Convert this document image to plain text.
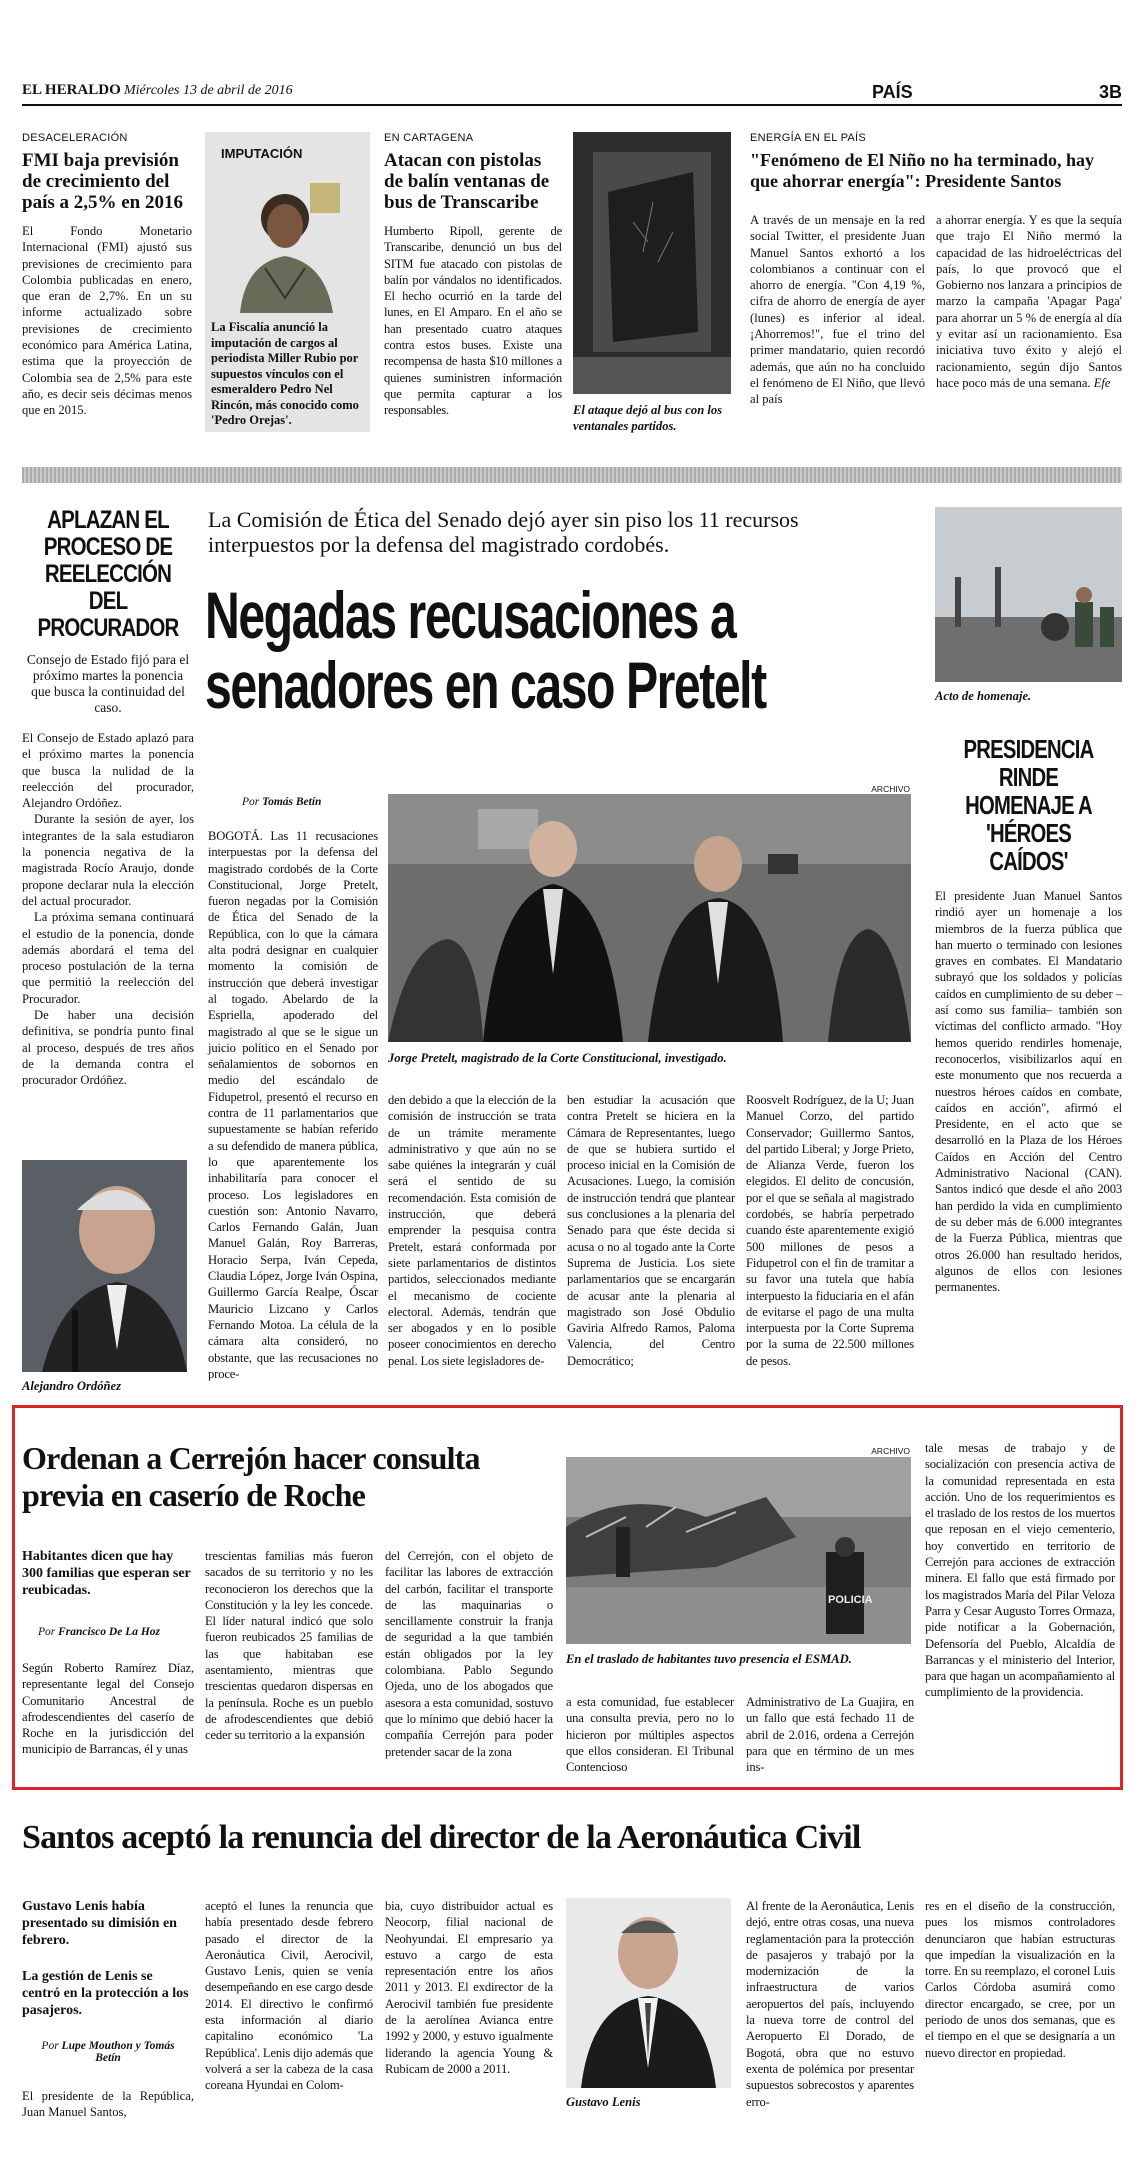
EL HERALDO Miércoles 13 de abril de 2016	PAÍS	3B
DESACELERACIÓN
FMI baja previsión de crecimiento del país a 2,5% en 2016

El Fondo Monetario Internacional (FMI) ajustó sus previsiones de crecimiento para Colombia publicadas en enero, que eran de 2,7%. En un su informe actualizado sobre previsiones de crecimiento económico para América Latina, estima que la proyección de Colombia sea de 2,5% para este año, es decir seis décimas menos que en 2015.

IMPUTACIÓN
La Fiscalía anunció la imputación de cargos al periodista Miller Rubio por supuestos vínculos con el esmeraldero Pedro Nel Rincón, más conocido como 'Pedro Orejas'.
EN CARTAGENA
Atacan con pistolas de balín ventanas de bus de Transcaribe

Humberto Ripoll, gerente de Transcaribe, denunció un bus del SITM fue atacado con pistolas de balín por vándalos no identificados. El hecho ocurrió en la tarde del lunes, en El Amparo. En el año se han presentado cuatro ataques contra estos buses. Existe una recompensa de hasta $10 millones a quienes suministren información que permita capturar a los responsables.	El ataque dejó al bus con los ventanales partidos.
ENERGÍA EN EL PAÍS
"Fenómeno de El Niño no ha terminado, hay que ahorrar energía": Presidente Santos

A través de un mensaje en la red social Twitter, el presidente Juan Manuel Santos exhortó a los colombianos a continuar con el ahorro de energía. "Con 4,19 %, cifra de ahorro de energía de ayer (lunes) es inferior al ideal. ¡Ahorremos!", fue el trino del primer mandatario, quien recordó además, que aún no ha concluido el fenómeno de El Niño, que llevó al país

a ahorrar energía. Y es que la sequía que trajo El Niño mermó la capacidad de las hidroeléctricas del país, lo que provocó que el Gobierno nos lanzara a principios de marzo la campaña 'Apagar Paga' para ahorrar un 5 % de energía al día y evitar así un racionamiento. Esa iniciativa tuvo éxito y alejó el racionamiento, según dijo Santos hace poco más de una semana. Efe

APLAZAN EL PROCESO DE REELECCIÓN DEL PROCURADOR
Consejo de Estado fijó para el próximo martes la ponencia que busca la continuidad del caso.

El Consejo de Estado aplazó para el próximo martes la ponencia que busca la nulidad de la reelección del procurador, Alejandro Ordóñez.

Durante la sesión de ayer, los integrantes de la sala estudiaron la ponencia negativa de la magistrada Rocío Araujo, donde propone declarar nula la elección del actual procurador.

La próxima semana continuará el estudio de la ponencia, donde además abordará el tema del proceso postulación de la terna que permitió la reelección del Procurador.

De haber una decisión definitiva, se pondría punto final al proceso, después de tres años de la demanda contra el procurador Ordóñez.

Alejandro Ordóñez
La Comisión de Ética del Senado dejó ayer sin piso los 11 recursos interpuestos por la defensa del magistrado cordobés.
Negadas recusaciones a senadores en caso Pretelt
Por Tomás Betín
ARCHIVO

BOGOTÁ. Las 11 recusaciones interpuestas por la defensa del magistrado cordobés de la Corte Constitucional, Jorge Pretelt, fueron negadas por la Comisión de Ética del Senado de la República, con lo que la cámara alta podrá designar en cualquier momento la comisión de instrucción que deberá investigar al togado. Abelardo de la Espriella, apoderado del magistrado al que se le sigue un juicio político en el Senado por señalamientos de sobornos en medio del escándalo de Fidupetrol, presentó el recurso en contra de 11 parlamentarios que supuestamente se habían referido a su defendido de manera pública, lo que aparentemente los inhabilitaría para conocer el proceso. Los legisladores en cuestión son: Antonio Navarro, Carlos Fernando Galán, Juan Manuel Galán, Roy Barreras, Horacio Serpa, Iván Cepeda, Claudia López, Jorge Iván Ospina, Guillermo García Realpe, Óscar Mauricio Lizcano y Carlos Fernando Motoa. La célula de la cámara alta consideró, no obstante, que las recusaciones no proce-

Jorge Pretelt, magistrado de la Corte Constitucional, investigado.

den debido a que la elección de la comisión de instrucción se trata de un trámite meramente administrativo y que aún no se sabe quiénes la integrarán y cuál será el sentido de su recomendación. Esta comisión de instrucción, que deberá emprender la pesquisa contra Pretelt, estará conformada por siete parlamentarios de distintos partidos, seleccionados mediante el mecanismo de cociente electoral. Además, tendrán que ser abogados y en lo posible poseer conocimientos en derecho penal. Los siete legisladores de-

ben estudiar la acusación que contra Pretelt se hiciera en la Cámara de Representantes, luego de que se hubiera surtido el proceso inicial en la Comisión de Acusaciones. Luego, la comisión de instrucción tendrá que plantear sus conclusiones a la plenaria del Senado para que éste decida si acusa o no al togado ante la Corte Suprema de Justicia. Los siete parlamentarios que se encargarán de acusar ante la plenaria al magistrado son José Obdulio Gaviria Alfredo Ramos, Paloma Valencia, del Centro Democrático;

Roosvelt Rodríguez, de la U; Juan Manuel Corzo, del partido Conservador; Guillermo Santos, del partido Liberal; y Jorge Prieto, de Alianza Verde, fueron los elegidos. El delito de concusión, por el que se señala al magistrado cordobés, se habría perpetrado cuando éste aparentemente exigió 500 millones de pesos a Fidupetrol con el fin de tramitar a su favor una tutela que había interpuesto la fiduciaria en el afán de evitarse el pago de una multa interpuesta por la Corte Suprema por la suma de 22.500 millones de pesos.

Acto de homenaje.
PRESIDENCIA RINDE HOMENAJE A 'HÉROES CAÍDOS'

El presidente Juan Manuel Santos rindió ayer un homenaje a los miembros de la fuerza pública que han muerto o terminado con lesiones graves en combates. El Mandatario subrayó que los soldados y policías caídos en cumplimiento de su deber –así como sus familia– también son víctimas del conflicto armado. "Hoy hemos querido rendirles homenaje, reconocerlos, visibilizarlos aquí en este monumento que nos recuerda a nuestros héroes caídos en combate, caídos en acción", afirmó el Presidente, en el acto que se desarrolló en la Plaza de los Héroes Caídos en Acción del Centro Administrativo Nacional (CAN). Santos indicó que desde el año 2003 han perdido la vida en cumplimiento de su deber más de 6.000 integrantes de la Fuerza Pública, mientras que otros 26.000 han resultado heridos, algunos de ellos con lesiones permanentes.

Ordenan a Cerrejón hacer consulta previa en caserío de Roche
Habitantes dicen que hay 300 familias que esperan ser reubicadas.
Por Francisco De La Hoz

Según Roberto Ramírez Díaz, representante legal del Consejo Comunitario Ancestral de afrodescendientes del caserío de Roche en la jurisdicción del municipio de Barrancas, él y unas

trescientas familias más fueron sacados de su territorio y no les reconocieron los derechos que la Constitución y la ley les concede. El líder natural indicó que solo fueron reubicados 25 familias de las que habitaban ese asentamiento, mientras que trescientas quedaron dispersas en la península. Roche es un pueblo de afrodescendientes que debió ceder su territorio a la expansión

del Cerrejón, con el objeto de facilitar las labores de extracción del carbón, facilitar el transporte de las maquinarias o sencillamente construir la franja de seguridad a la que también están obligados por la ley colombiana. Pablo Segundo Ojeda, uno de los abogados que asesora a esta comunidad, sostuvo que lo mínimo que debió hacer la compañía Cerrejón para poder pretender sacar de la zona

ARCHIVO
POLICIA
En el traslado de habitantes tuvo presencia el ESMAD.

a esta comunidad, fue establecer una consulta previa, pero no lo hicieron por múltiples aspectos que ellos consideran. El Tribunal Contencioso

Administrativo de La Guajira, en un fallo que está fechado 11 de abril de 2.016, ordena a Cerrejón para que en término de un mes ins-

tale mesas de trabajo y de socialización con presencia activa de la comunidad representada en esta acción. Uno de los requerimientos es el traslado de los restos de los muertos que reposan en el viejo cementerio, hoy convertido en territorio de Cerrejón para acciones de extracción minera. El fallo que está firmado por los magistrados María del Pilar Veloza Parra y Cesar Augusto Torres Ormaza, pide notificar a la Gobernación, Defensoría del Pueblo, Alcaldía de Barrancas y el ministerio del Interior, para que hagan un acompañamiento al cumplimiento de la providencia.

Santos aceptó la renuncia del director de la Aeronáutica Civil
Gustavo Lenis había presentado su dimisión en febrero.
La gestión de Lenis se centró en la protección a los pasajeros.
Por Lupe Mouthon y Tomás Betín

El presidente de la República, Juan Manuel Santos,

aceptó el lunes la renuncia que había presentado desde febrero pasado el director de la Aeronáutica Civil, Aerocivil, Gustavo Lenis, quien se venía desempeñando en ese cargo desde 2014. El directivo le confirmó esta información al diario capitalino económico 'La República'. Lenis dijo además que volverá a ser la cabeza de la casa coreana Hyundai en Colom-

bia, cuyo distribuidor actual es Neocorp, filial nacional de Neohyundai. El empresario ya estuvo a cargo de esta representación entre los años 2011 y 2013. El exdirector de la Aerocivil también fue presidente de la aerolínea Avianca entre 1992 y 2000, y estuvo igualmente liderando la agencia Young & Rubicam de 2000 a 2011.

Gustavo Lenis

Al frente de la Aeronáutica, Lenis dejó, entre otras cosas, una nueva reglamentación para la protección de pasajeros y trabajó por la modernización de la infraestructura de varios aeropuertos del país, incluyendo la nueva torre de control del Aeropuerto El Dorado, de Bogotá, obra que no estuvo exenta de polémica por presentar supuestos sobrecostos y aparentes erro-

res en el diseño de la construcción, pues los mismos controladores denunciaron que habían estructuras que impedían la visualización en la torre. En su reemplazo, el coronel Luis Carlos Córdoba asumirá como director encargado, se cree, por un periodo de unos dos semanas, que es el tiempo en el que se designaría a un nuevo director en propiedad.
